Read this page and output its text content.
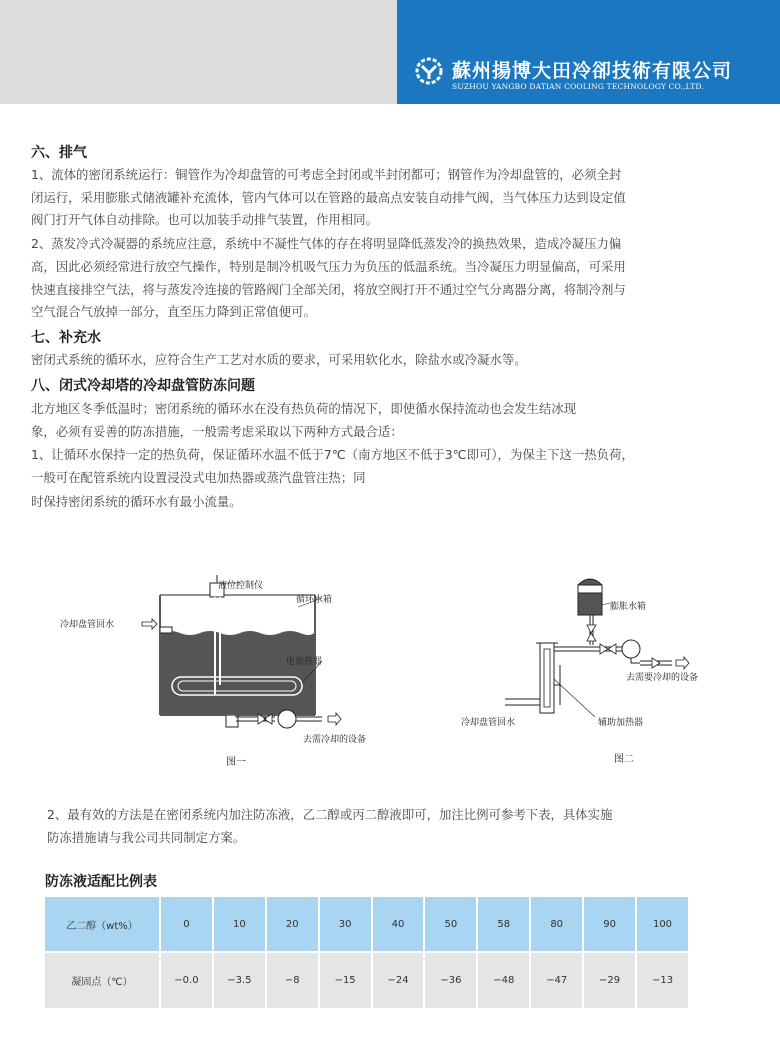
蘇州揚博大田冷卻技術有限公司
SUZHOU YANGBO DATIAN COOLING TECHNOLOGY CO.,LTD.
六、排气
1、流体的密闭系统运行：铜管作为冷却盘管的可考虑全封闭或半封闭都可；钢管作为冷却盘管的，必须全封
闭运行，采用膨胀式储液罐补充流体，管内气体可以在管路的最高点安装自动排气阀，当气体压力达到设定值
阀门打开气体自动排除。也可以加装手动排气装置，作用相同。
2、蒸发冷式冷凝器的系统应注意，系统中不凝性气体的存在将明显降低蒸发冷的换热效果，造成冷凝压力偏
高，因此必须经常进行放空气操作，特别是制冷机吸气压力为负压的低温系统。当冷凝压力明显偏高，可采用
快速直接排空气法，将与蒸发冷连接的管路阀门全部关闭，将放空阀打开不通过空气分离器分离，将制冷剂与
空气混合气放掉一部分，直至压力降到正常值便可。
七、补充水
密闭式系统的循环水，应符合生产工艺对水质的要求，可采用软化水，除盐水或冷凝水等。
八、闭式冷却塔的冷却盘管防冻问题
北方地区冬季低温时；密闭系统的循环水在没有热负荷的情况下，即使循水保持流动也会发生结冰现
象，必须有妥善的防冻措施，一般需考虑采取以下两种方式最合适：
1、让循环水保持一定的热负荷，保证循环水温不低于7℃（南方地区不低于3℃即可），为保主下这一热负荷，
一般可在配管系统内设置浸没式电加热器或蒸汽盘管注热；同
时保持密闭系统的循环水有最小流量。
液位控制仪
循环水箱
冷却盘管回水
电加热器
去需冷却的设备
图一
膨胀水箱
去需要冷却的设备
冷却盘管回水	辅助加热器
图二
2、最有效的方法是在密闭系统内加注防冻液，乙二醇或丙二醇液即可，加注比例可参考下表，具体实施
防冻措施请与我公司共同制定方案。
防冻液适配比例表
乙二醇（wt%）	0	10	20	30	40	50	58	80	90	100
凝固点（℃）	−0.0	−3.5	−8	−15	−24	−36	−48	−47	−29	−13
